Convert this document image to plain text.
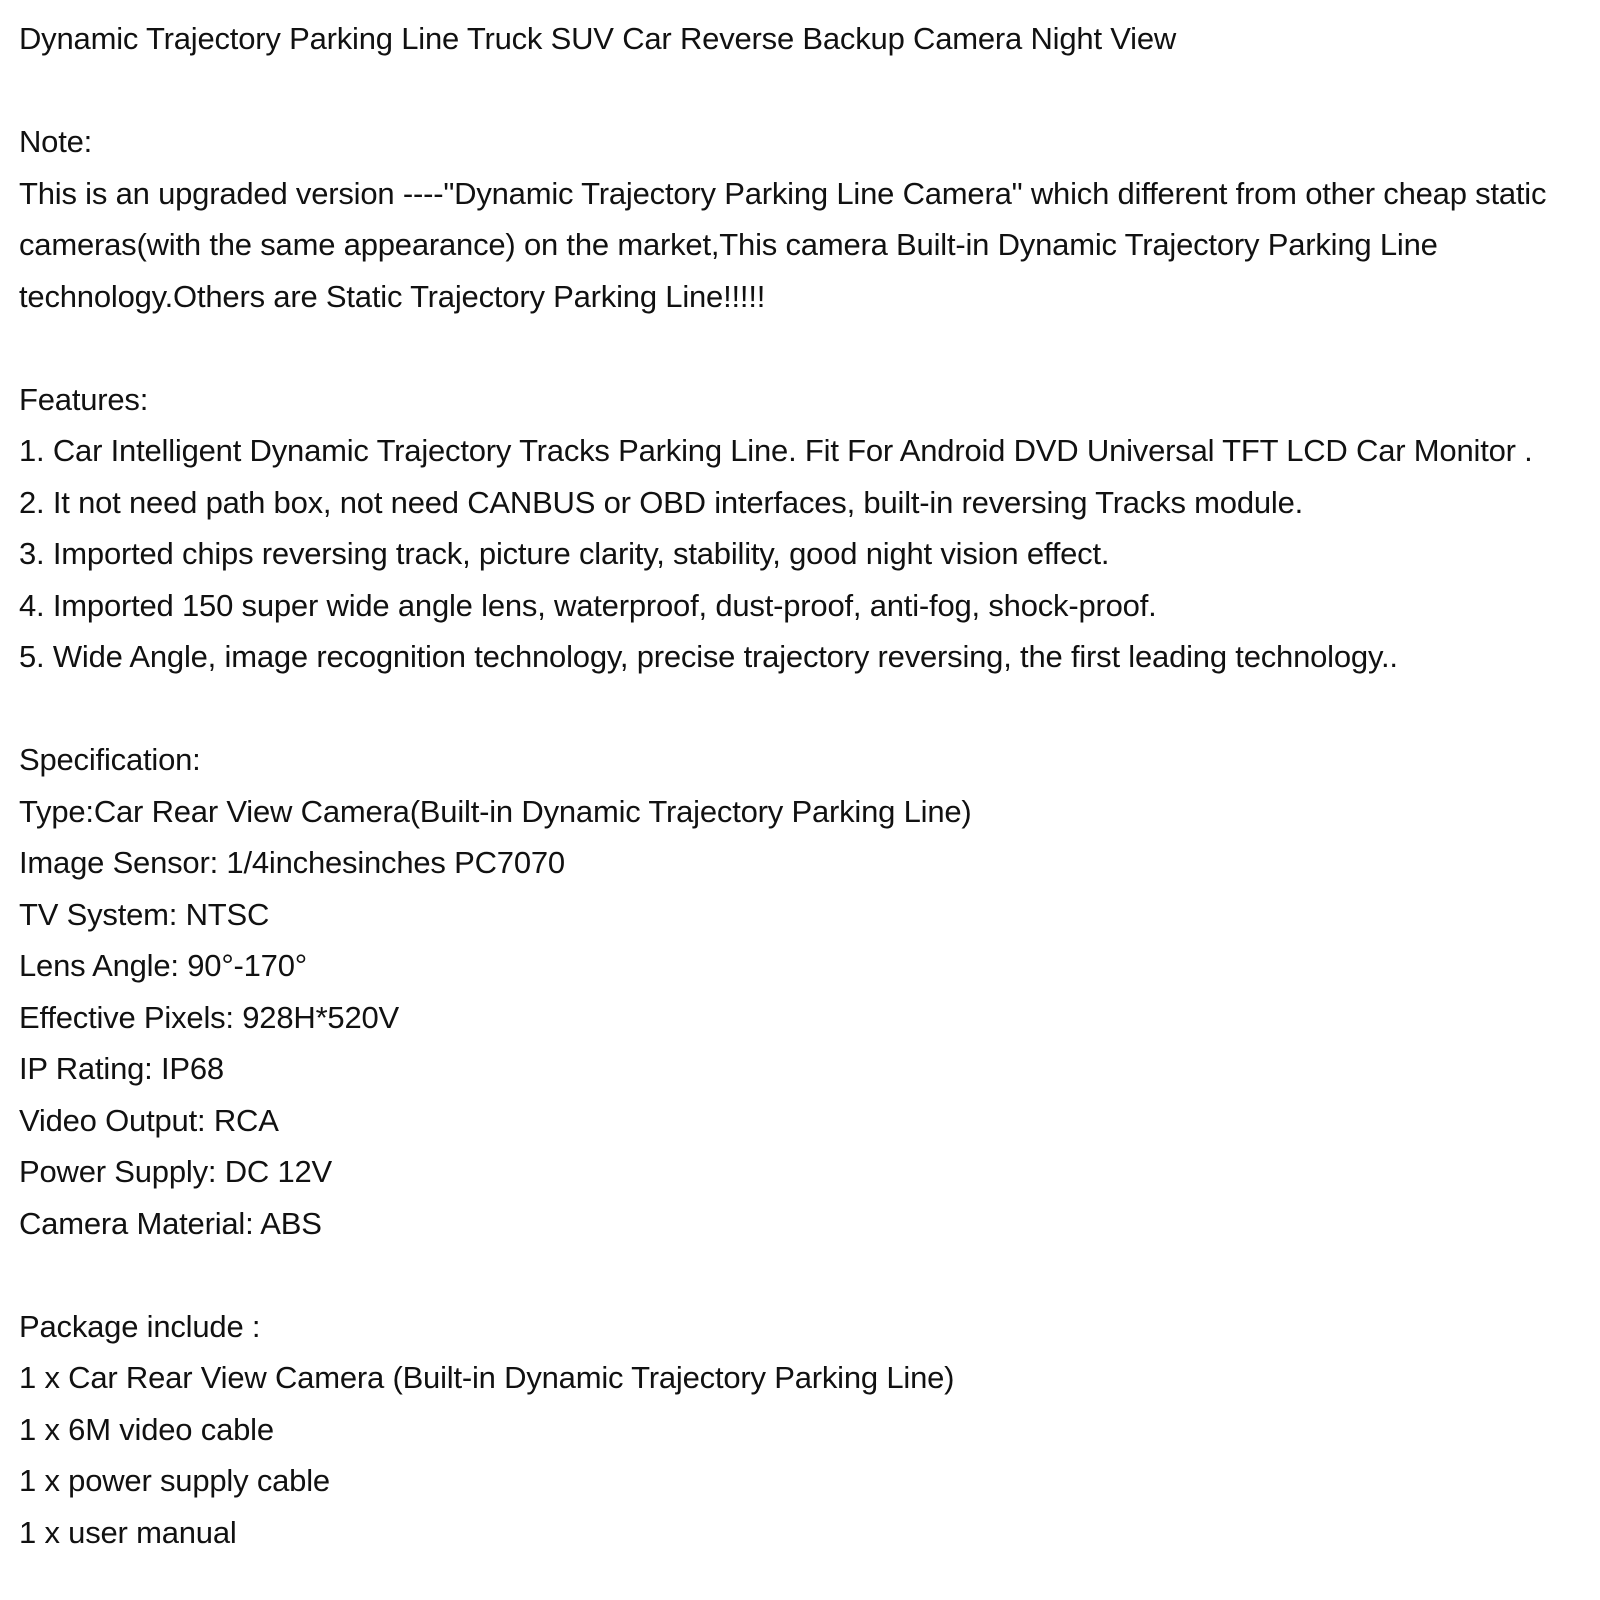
Dynamic Trajectory Parking Line Truck SUV Car Reverse Backup Camera Night View
Note:
This is an upgraded version ----"Dynamic Trajectory Parking Line Camera" which different from other cheap static cameras(with the same appearance) on the market,This camera Built-in Dynamic Trajectory Parking Line technology.Others are Static Trajectory Parking Line!!!!!
Features:
1. Car Intelligent Dynamic Trajectory Tracks Parking Line. Fit For Android DVD Universal TFT LCD Car Monitor .
2. It not need path box, not need CANBUS or OBD interfaces, built-in reversing Tracks module.
3. Imported chips reversing track, picture clarity, stability, good night vision effect.
4. Imported 150 super wide angle lens, waterproof, dust-proof, anti-fog, shock-proof.
5. Wide Angle, image recognition technology, precise trajectory reversing, the first leading technology..
Specification:
Type:Car Rear View Camera(Built-in Dynamic Trajectory Parking Line)
Image Sensor: 1/4inchesinches PC7070
TV System: NTSC
Lens Angle: 90°-170°
Effective Pixels: 928H*520V
IP Rating: IP68
Video Output: RCA
Power Supply: DC 12V
Camera Material: ABS
Package include :
1 x Car Rear View Camera (Built-in Dynamic Trajectory Parking Line)
1 x 6M video cable
1 x power supply cable
1 x user manual
